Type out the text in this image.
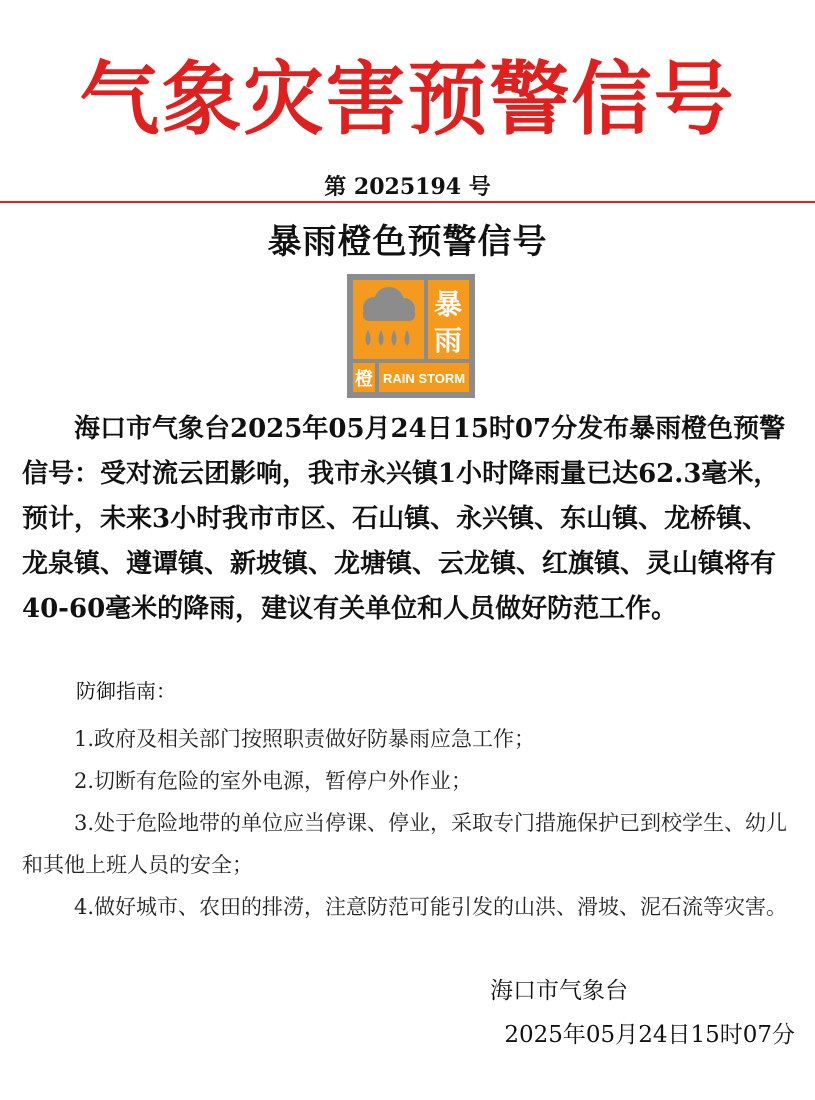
气象灾害预警信号
第 2025194 号
暴雨橙色预警信号
暴
雨
橙 RAIN STORM

海口市气象台2025年05月24日15时07分发布暴雨橙色预警信号：受对流云团影响，我市永兴镇1小时降雨量已达62.3毫米，预计，未来3小时我市市区、石山镇、永兴镇、东山镇、龙桥镇、龙泉镇、遵谭镇、新坡镇、龙塘镇、云龙镇、红旗镇、灵山镇将有40-60毫米的降雨，建议有关单位和人员做好防范工作。

防御指南：
1.政府及相关部门按照职责做好防暴雨应急工作；
2.切断有危险的室外电源，暂停户外作业；
3.处于危险地带的单位应当停课、停业，采取专门措施保护已到校学生、幼儿和其他上班人员的安全；
4.做好城市、农田的排涝，注意防范可能引发的山洪、滑坡、泥石流等灾害。
海口市气象台
2025年05月24日15时07分
